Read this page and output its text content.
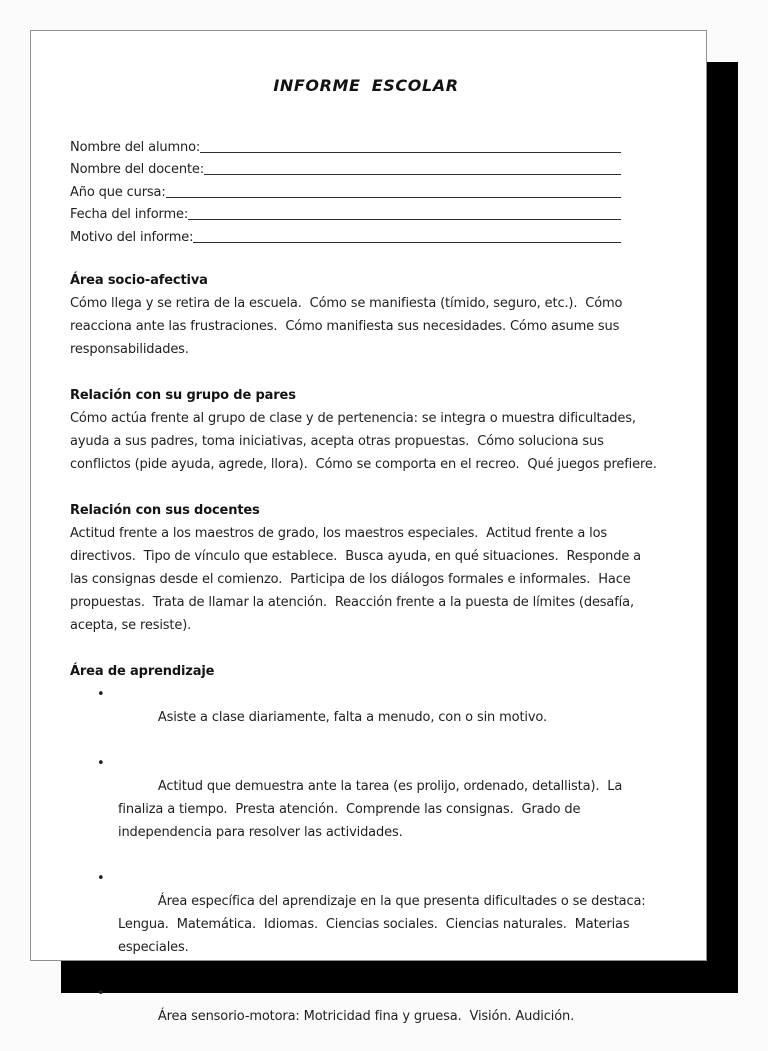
INFORME ESCOLAR
Nombre del alumno:
Nombre del docente:
Año que cursa:
Fecha del informe:
Motivo del informe:
Área socio-afectiva
Cómo llega y se retira de la escuela.  Cómo se manifiesta (tímido, seguro, etc.).  Cómo reacciona ante las frustraciones.  Cómo manifiesta sus necesidades. Cómo asume sus responsabilidades.
Relación con su grupo de pares
Cómo actúa frente al grupo de clase y de pertenencia: se integra o muestra dificultades, ayuda a sus padres, toma iniciativas, acepta otras propuestas.  Cómo soluciona sus conflictos (pide ayuda, agrede, llora).  Cómo se comporta en el recreo.  Qué juegos prefiere.
Relación con sus docentes
Actitud frente a los maestros de grado, los maestros especiales.  Actitud frente a los directivos.  Tipo de vínculo que establece.  Busca ayuda, en qué situaciones.  Responde a las consignas desde el comienzo.  Participa de los diálogos formales e informales.  Hace propuestas.  Trata de llamar la atención.  Reacción frente a la puesta de límites (desafía, acepta, se resiste).
Área de aprendizaje

•
Asiste a clase diariamente, falta a menudo, con o sin motivo.

•
Actitud que demuestra ante la tarea (es prolijo, ordenado, detallista).  La finaliza a tiempo.  Presta atención.  Comprende las consignas.  Grado de independencia para resolver las actividades.

•
Área específica del aprendizaje en la que presenta dificultades o se destaca: Lengua.  Matemática.  Idiomas.  Ciencias sociales.  Ciencias naturales.  Materias especiales.

•
Área sensorio-motora: Motricidad fina y gruesa.  Visión. Audición.
